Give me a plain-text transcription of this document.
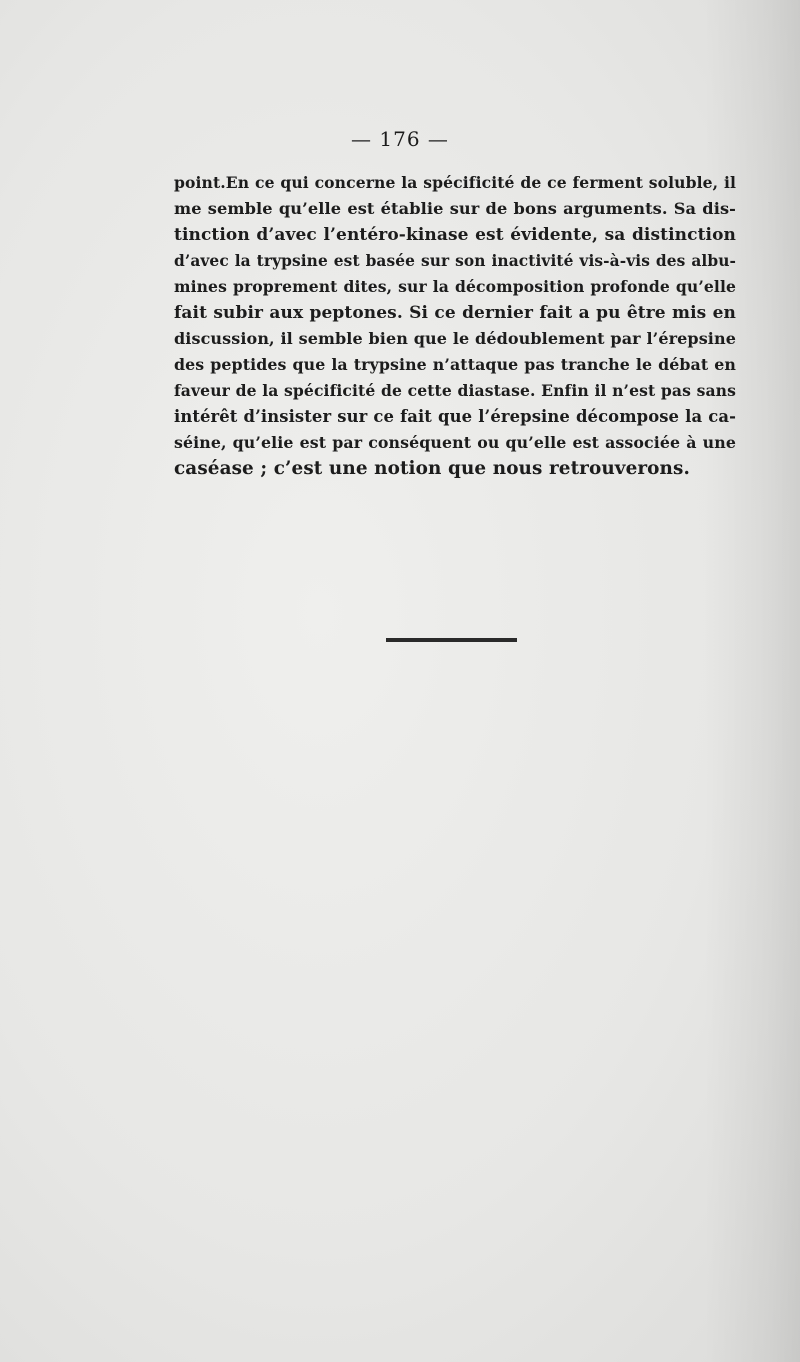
— 176 —
point.En ce qui concerne la spécificité de ce ferment soluble, il
me semble qu’elle est établie sur de bons arguments. Sa dis-
tinction d’avec l’entéro-kinase est évidente, sa distinction
d’avec la trypsine est basée sur son inactivité vis-à-vis des albu-
mines proprement dites, sur la décomposition profonde qu’elle
fait subir aux peptones. Si ce dernier fait a pu être mis en
discussion, il semble bien que le dédoublement par l’érepsine
des peptides que la trypsine n’attaque pas tranche le débat en
faveur de la spécificité de cette diastase. Enfin il n’est pas sans
intérêt d’insister sur ce fait que l’érepsine décompose la ca-
séine, qu’elie est par conséquent ou qu’elle est associée à une
caséase ; c’est une notion que nous retrouverons.
